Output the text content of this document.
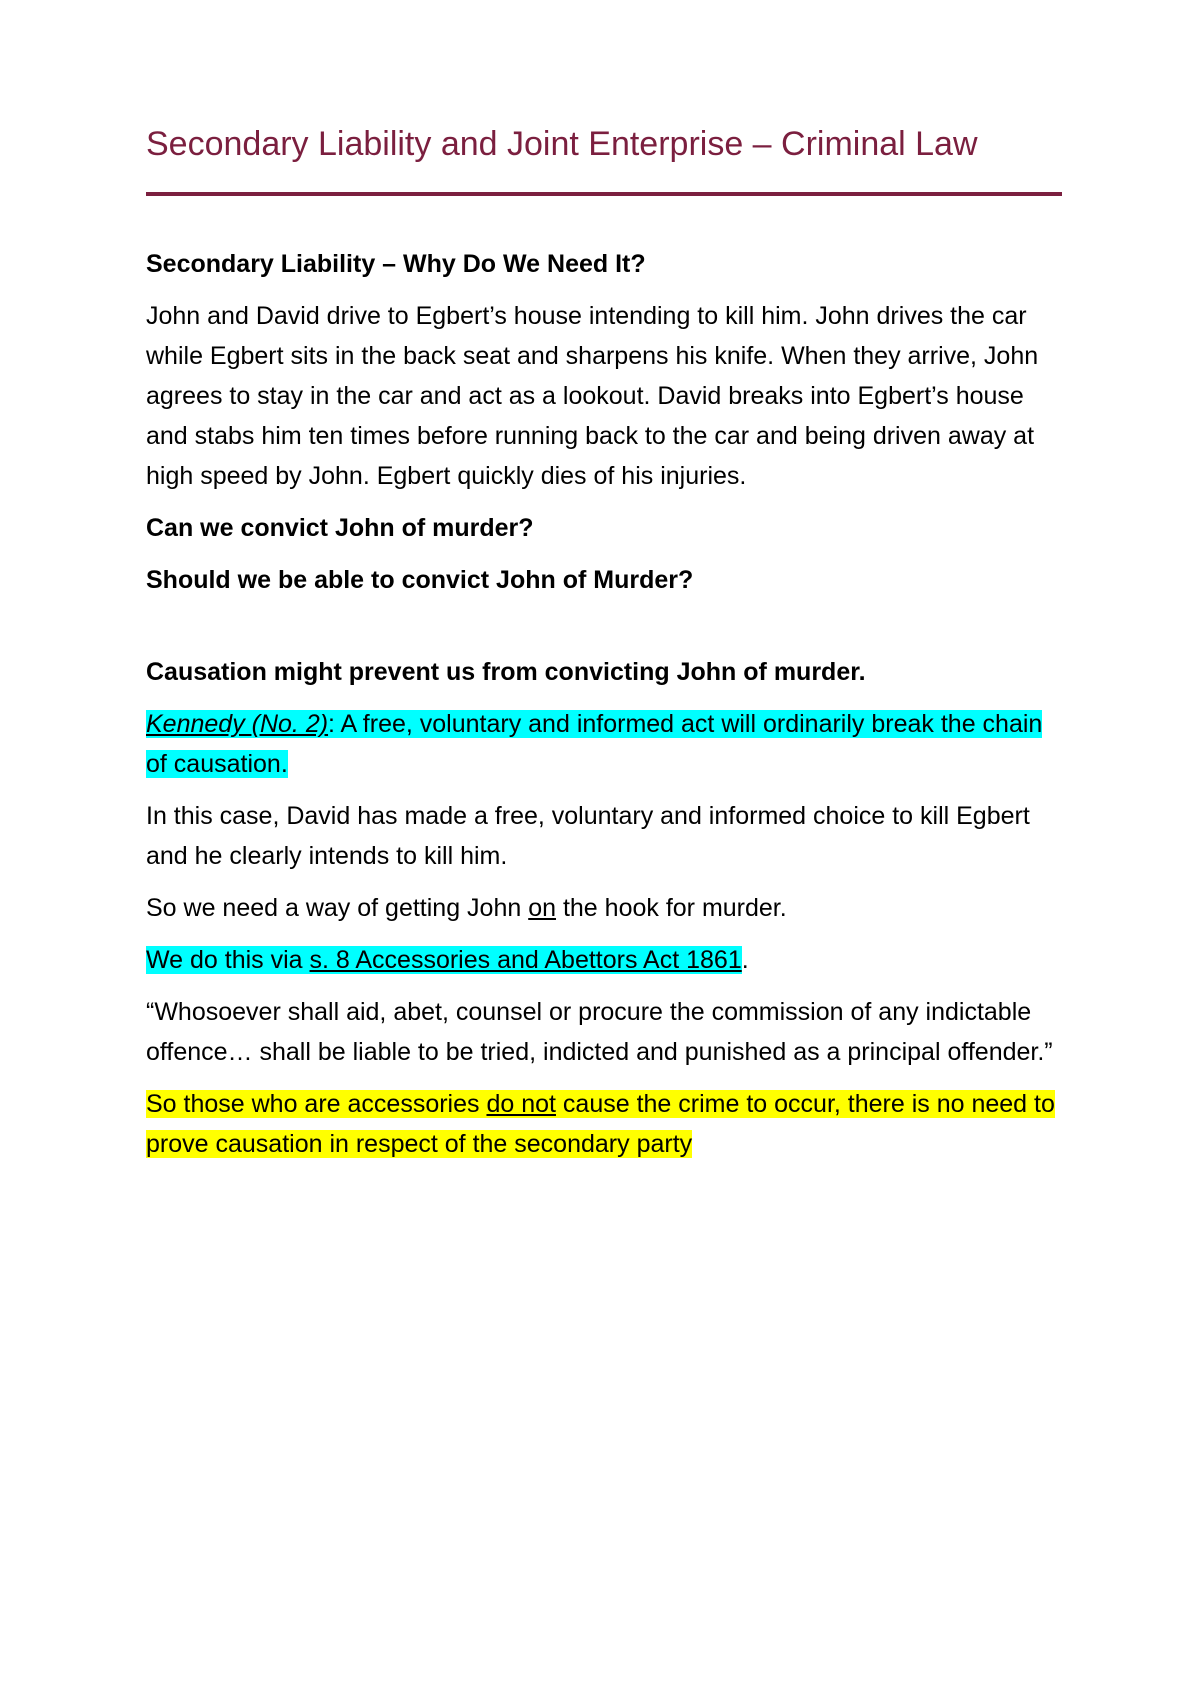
Secondary Liability and Joint Enterprise – Criminal Law

Secondary Liability – Why Do We Need It?

John and David drive to Egbert’s house intending to kill him. John drives the car while Egbert sits in the back seat and sharpens his knife. When they arrive, John agrees to stay in the car and act as a lookout. David breaks into Egbert’s house and stabs him ten times before running back to the car and being driven away at high speed by John. Egbert quickly dies of his injuries.

Can we convict John of murder?

Should we be able to convict John of Murder?

Causation might prevent us from convicting John of murder.

Kennedy (No. 2): A free, voluntary and informed act will ordinarily break the chain of causation.

In this case, David has made a free, voluntary and informed choice to kill Egbert and he clearly intends to kill him.

So we need a way of getting John on the hook for murder.

We do this via s. 8 Accessories and Abettors Act 1861.

“Whosoever shall aid, abet, counsel or procure the commission of any indictable offence… shall be liable to be tried, indicted and punished as a principal offender.”

So those who are accessories do not cause the crime to occur, there is no need to prove causation in respect of the secondary party
